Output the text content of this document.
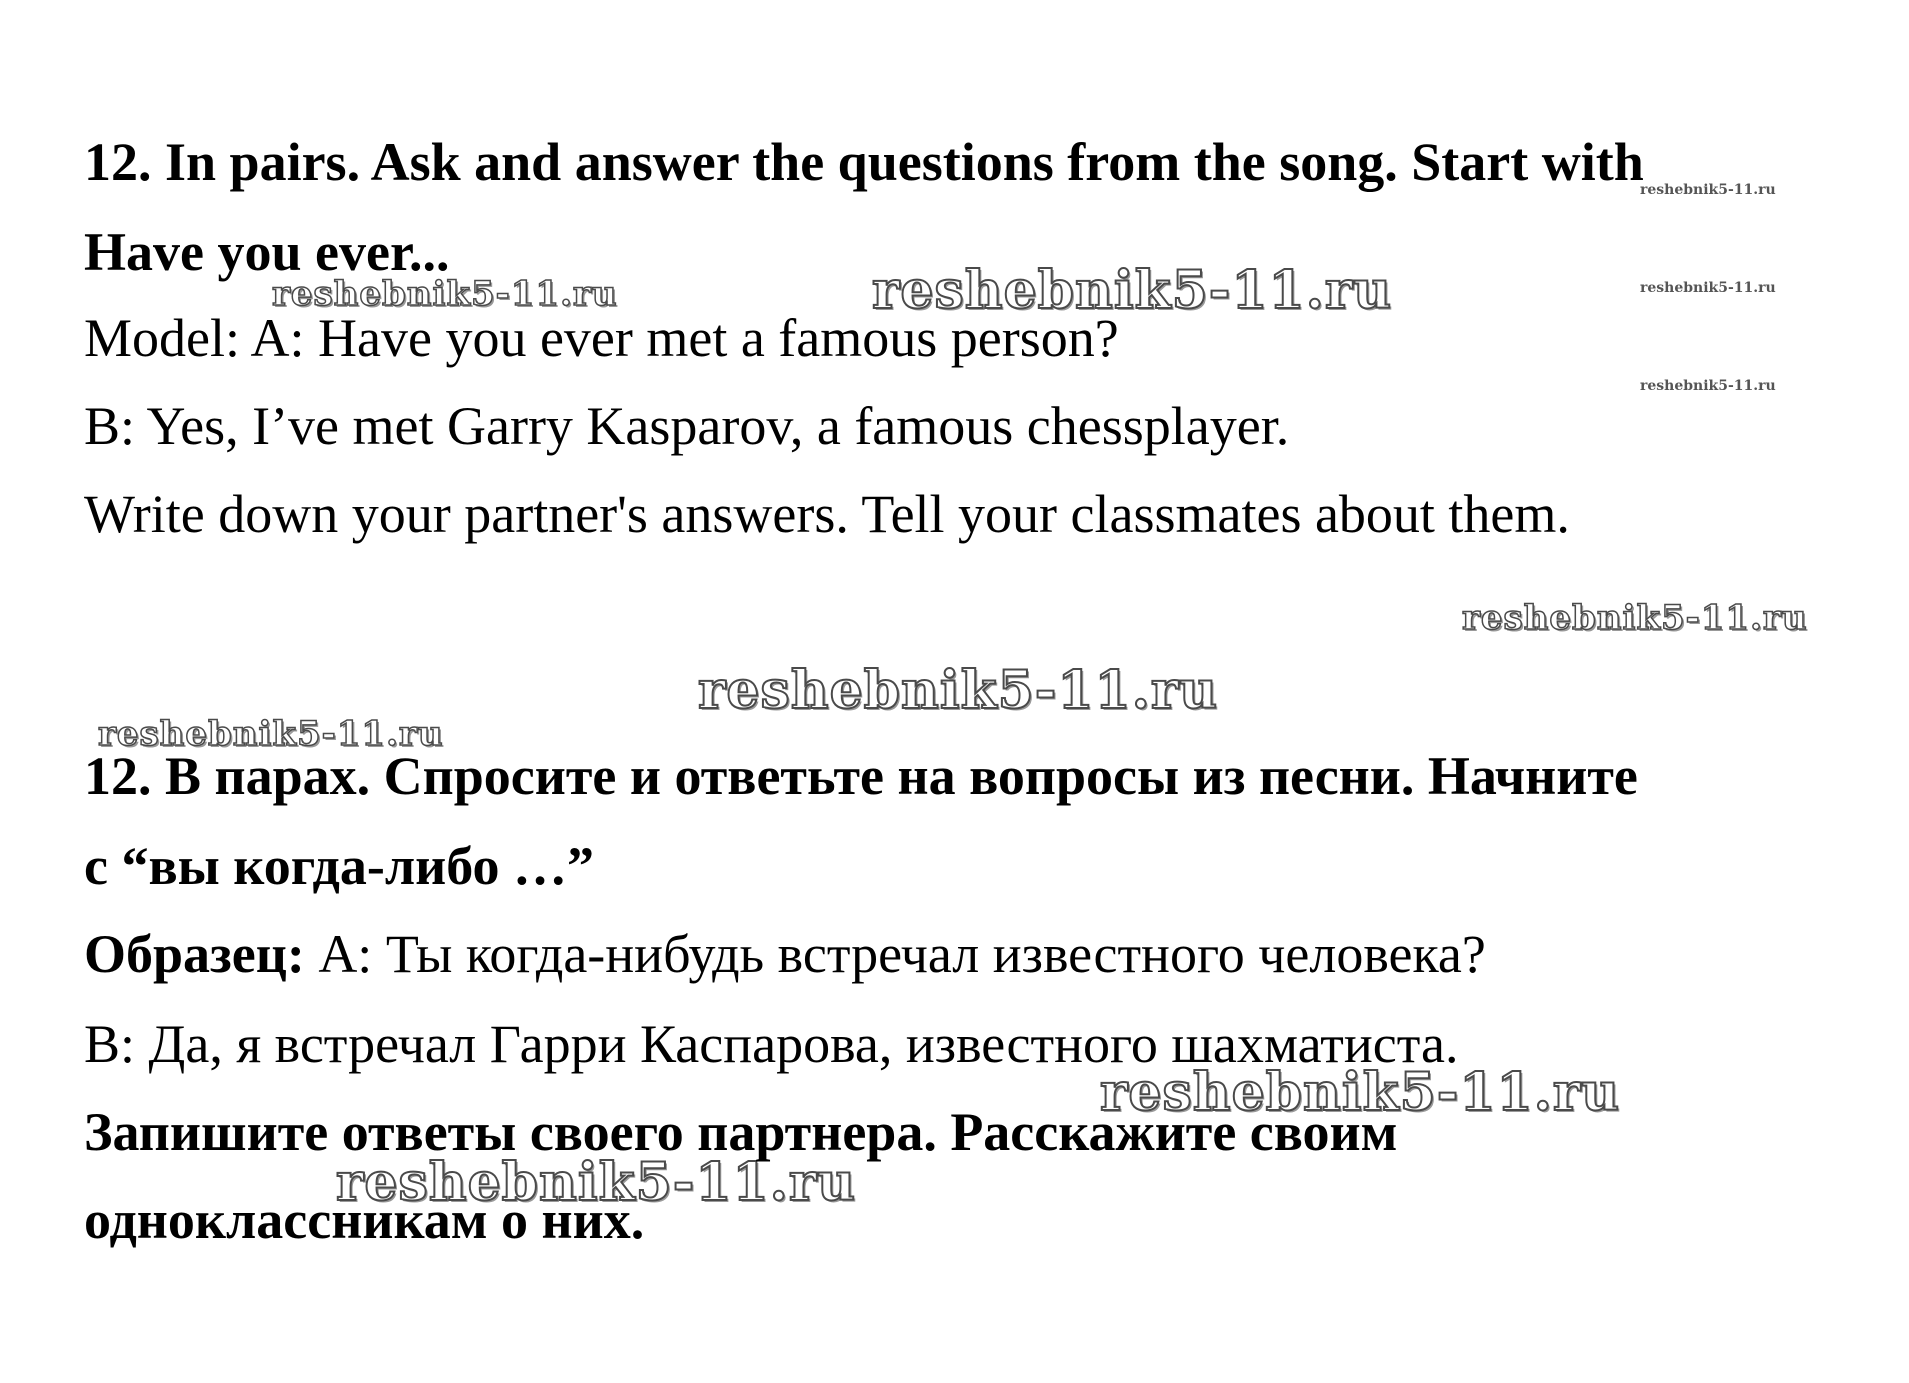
reshebnik5-11.ru
reshebnik5-11.ru	reshebnik5-11.ru	reshebnik5-11.ru
reshebnik5-11.ru
reshebnik5-11.ru
reshebnik5-11.ru
reshebnik5-11.ru
reshebnik5-11.ru
reshebnik5-11.ru
12. In pairs. Ask and answer the questions from the song. Start with
Have you ever...
Model: A: Have you ever met a famous person?
B: Yes, I’ve met Garry Kasparov, a famous chessplayer.
Write down your partner's answers. Tell your classmates about them.
12. В парах. Спросите и ответьте на вопросы из песни. Начните
с “вы когда-либо …”
Образец: А: Ты когда-нибудь встречал известного человека?
В: Да, я встречал Гарри Каспарова, известного шахматиста.
Запишите ответы своего партнера. Расскажите своим
одноклассникам о них.
